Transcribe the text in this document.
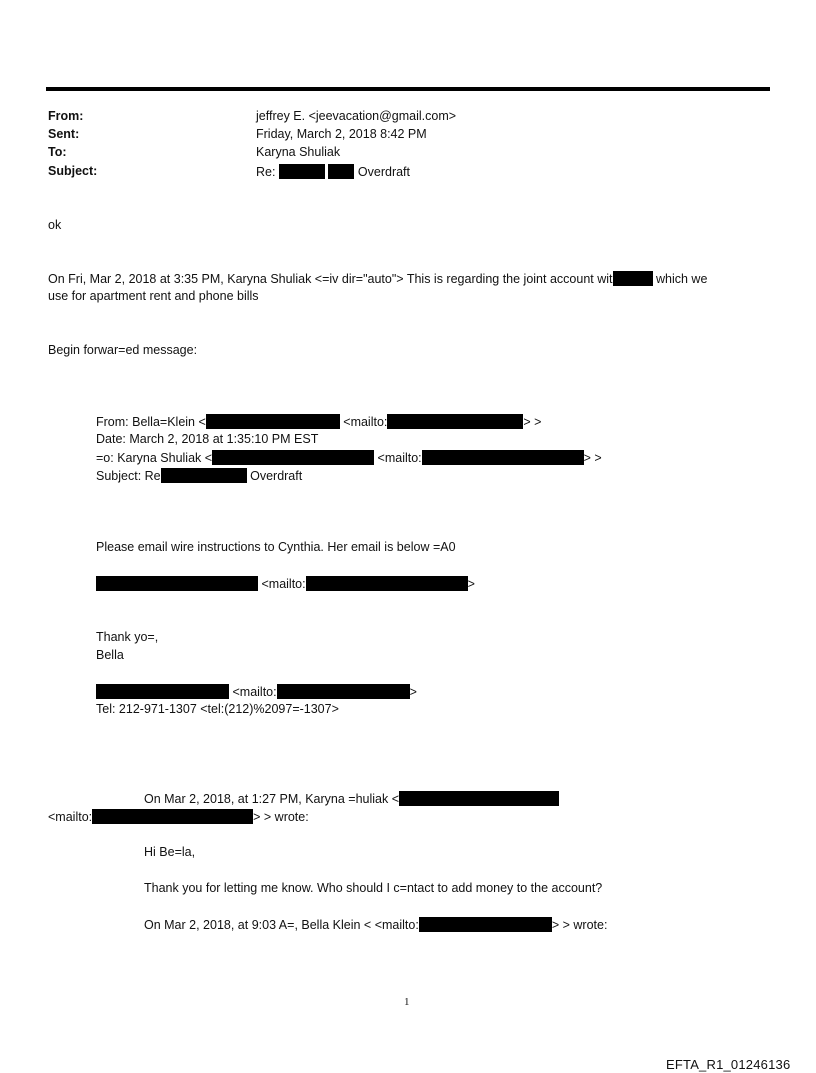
From:	jeffrey E. <jeevacation@gmail.com>
Sent:	Friday, March 2, 2018 8:42 PM
To:	Karyna Shuliak
Subject:	Re:	Overdraft
ok
On Fri, Mar 2, 2018 at 3:35 PM, Karyna Shuliak <=iv dir="auto"> This is regarding the joint account wit	which we
use for apartment rent and phone bills
Begin forwar=ed message:
From: Bella=Klein <	<mailto:	> >
Date: March 2, 2018 at 1:35:10 PM EST
=o: Karyna Shuliak <	<mailto:	> >
Subject: Re	Overdraft
Please email wire instructions to Cynthia. Her email is below =A0
<mailto:	>
Thank yo=,
Bella
<mailto:	>
Tel: 212-971-1307 <tel:(212)%2097=-1307>
On Mar 2, 2018, at 1:27 PM, Karyna =huliak <
<mailto:	> > wrote:
Hi Be=la,
Thank you for letting me know. Who should I c=ntact to add money to the account?
On Mar 2, 2018, at 9:03 A=, Bella Klein < <mailto:	> > wrote:
1
EFTA_R1_01246136
